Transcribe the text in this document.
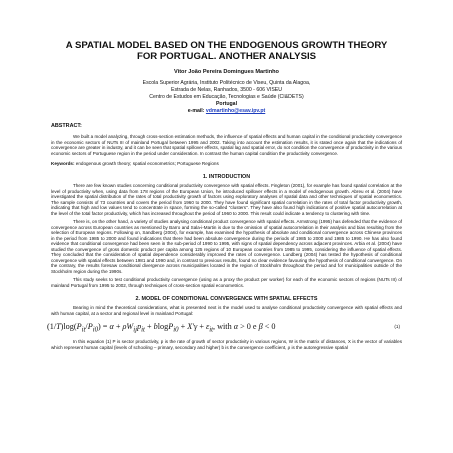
A SPATIAL MODEL BASED ON THE ENDOGENOUS GROWTH THEORY FOR PORTUGAL. ANOTHER ANALYSIS
Vitor João Pereira Domingues Martinho
Escola Superior Agrária, Instituto Politécnico de Viseu, Quinta da Alagoa,
Estrada de Nelas, Ranhados, 3500 - 606 VISEU
Centro de Estudos em Educação, Tecnologias e Saúde (CI&DETS)
Portugal
e-mail: vdmartinho@esav.ipv.pt
ABSTRACT:
We built a model analyzing, through cross-section estimation methods, the influence of spatial effects and human capital in the conditional productivity convergence in the economic sectors of NUTs III of mainland Portugal between 1995 and 2002. Taking into account the estimation results, it is stated once again that the indications of convergence are greater in industry, and it can be seen that spatial spillover effects, spatial lag and spatial error, do not condition the convergence of productivity in the various economic sectors of Portuguese region in the period under consideration. In contrast the human capital condition the productivity convergence.
Keywords: endogenous growth theory; spatial econometrics; Portuguese Regions
1. INTRODUCTION
There are few known studies concerning conditional productivity convergence with spatial effects. Fingleton (2001), for example has found spatial correlation at the level of productivity when, using data from 178 regions of the European Union, he introduced spillover effects in a model of endogenous growth. Abreu et al. (2004) have investigated the spatial distribution of the rates of total productivity growth of factors using exploratory analyses of spatial data and other techniques of spatial econometrics. The sample consists of 73 countries and covers the period from 1960 to 2000. They have found significant spatial correlation in the rates of total factor productivity growth, indicating that high and low values tend to concentrate in space, forming the so-called "clusters". They have also found high indications of positive spatial autocorrelation at the level of the total factor productivity, which has increased throughout the period of 1960 to 2000. This result could indicate a tendency to clustering with time.
There is, on the other hand, a variety of studies analysing conditional product convergence with spatial effects. Armstrong (1995) has defended that the evidence of convergence across European countries as mentioned by Barro and Sala-i-Martin is due to the omission of spatial autocorrelation in their analysis and bias resulting from the selection of European regions. Following on, Sandberg (2004), for example, has examined the hypothesis of absolute and conditional convergence across Chinese provinces in the period from 1985 to 2000 and found indications that there had been absolute convergence during the periods of 1985 to 2000 and 1985 to 1990. He has also found evidence that conditional convergence had been seen in the sub-period of 1990 to 1995, with signs of spatial dependency across adjacent provinces. Arbia et al. (2004) have studied the convergence of gross domestic product per capita among 125 regions of 10 European countries from 1985 to 1995, considering the influence of spatial effects. They concluded that the consideration of spatial dependence considerably improved the rates of convergence. Lundberg (2004) has tested the hypothesis of conditional convergence with spatial effects between 1981 and 1990 and, in contrast to previous results, found no clear evidence favouring the hypothesis of conditional convergence. On the contrary, the results foresaw conditional divergence across municipalities located in the region of Stockholm throughout the period and for municipalities outside of the Stockholm region during the 1990s.
This study seeks to test conditional productivity convergence (using as a proxy the product per worker) for each of the economic sectors of regions (NUTs III) of mainland Portugal from 1995 to 2002, through techniques of cross-section spatial econometrics.
2. MODEL OF CONDITIONAL CONVERGENCE WITH SPATIAL EFFECTS
Bearing in mind the theoretical considerations, what is presented next is the model used to analyse conditional productivity convergence with spatial effects and with human capital, at a sector and regional level in mainland Portugal:
$(1/T)\log(P_{it}/P_{i0}) = \alpha + \rho W_{ij}p_{it} + blogP_{i0} + X'\gamma + \varepsilon_{it}$, with α > 0 e β < 0	(1)
In this equation (1) P is sector productivity, p is the rate of growth of sector productivity in various regions, W is the matrix of distances, X is the vector of variables which represent human capital (levels of schooling – primary, secondary and higher) b is the convergence coefficient, ρ is the autoregressive spatial
